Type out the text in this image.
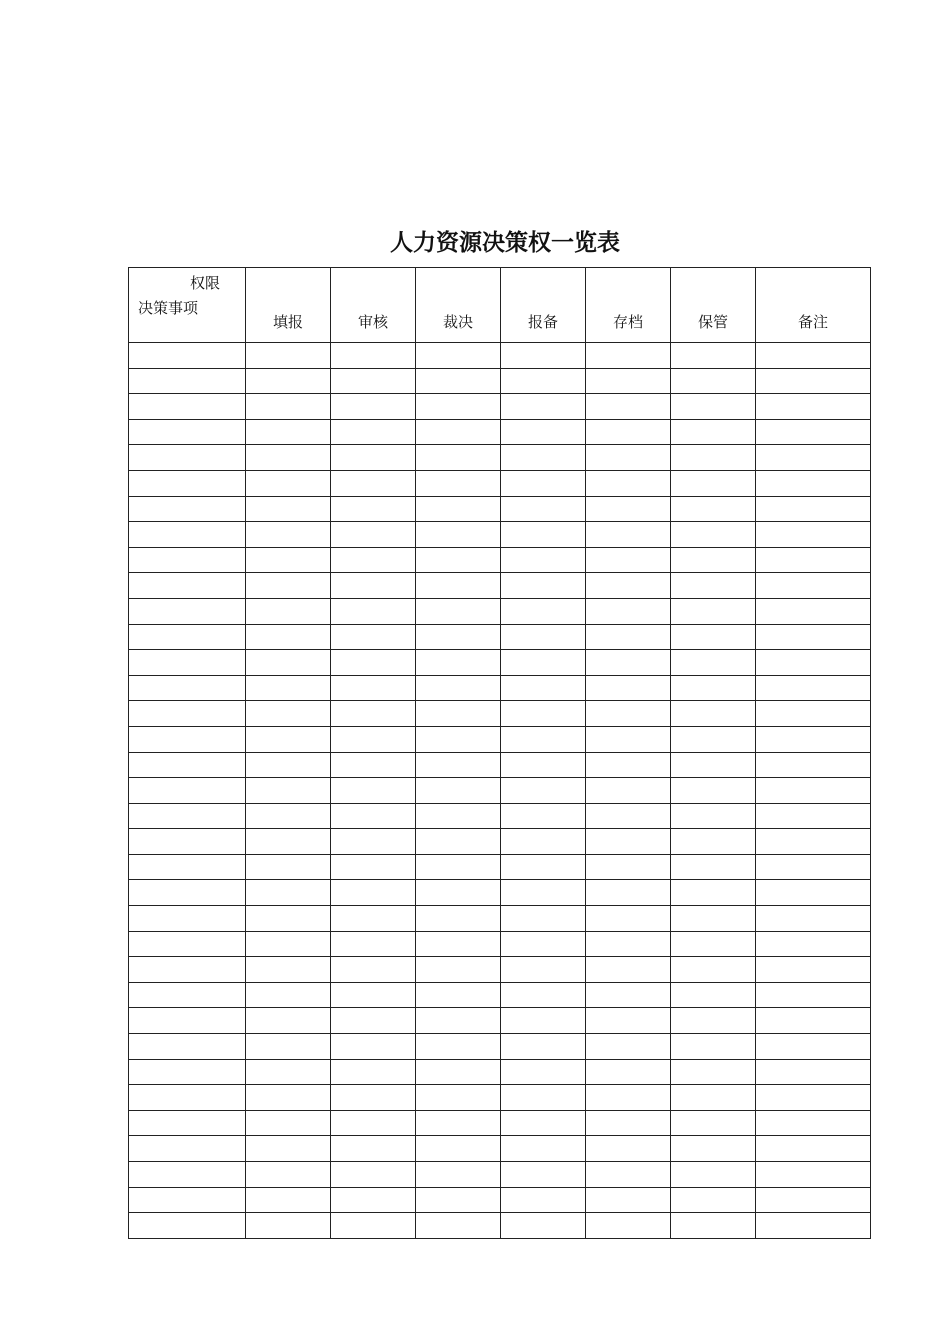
人力资源决策权一览表
权限
决策事项	填报	审核	裁决	报备	存档	保管	备注
